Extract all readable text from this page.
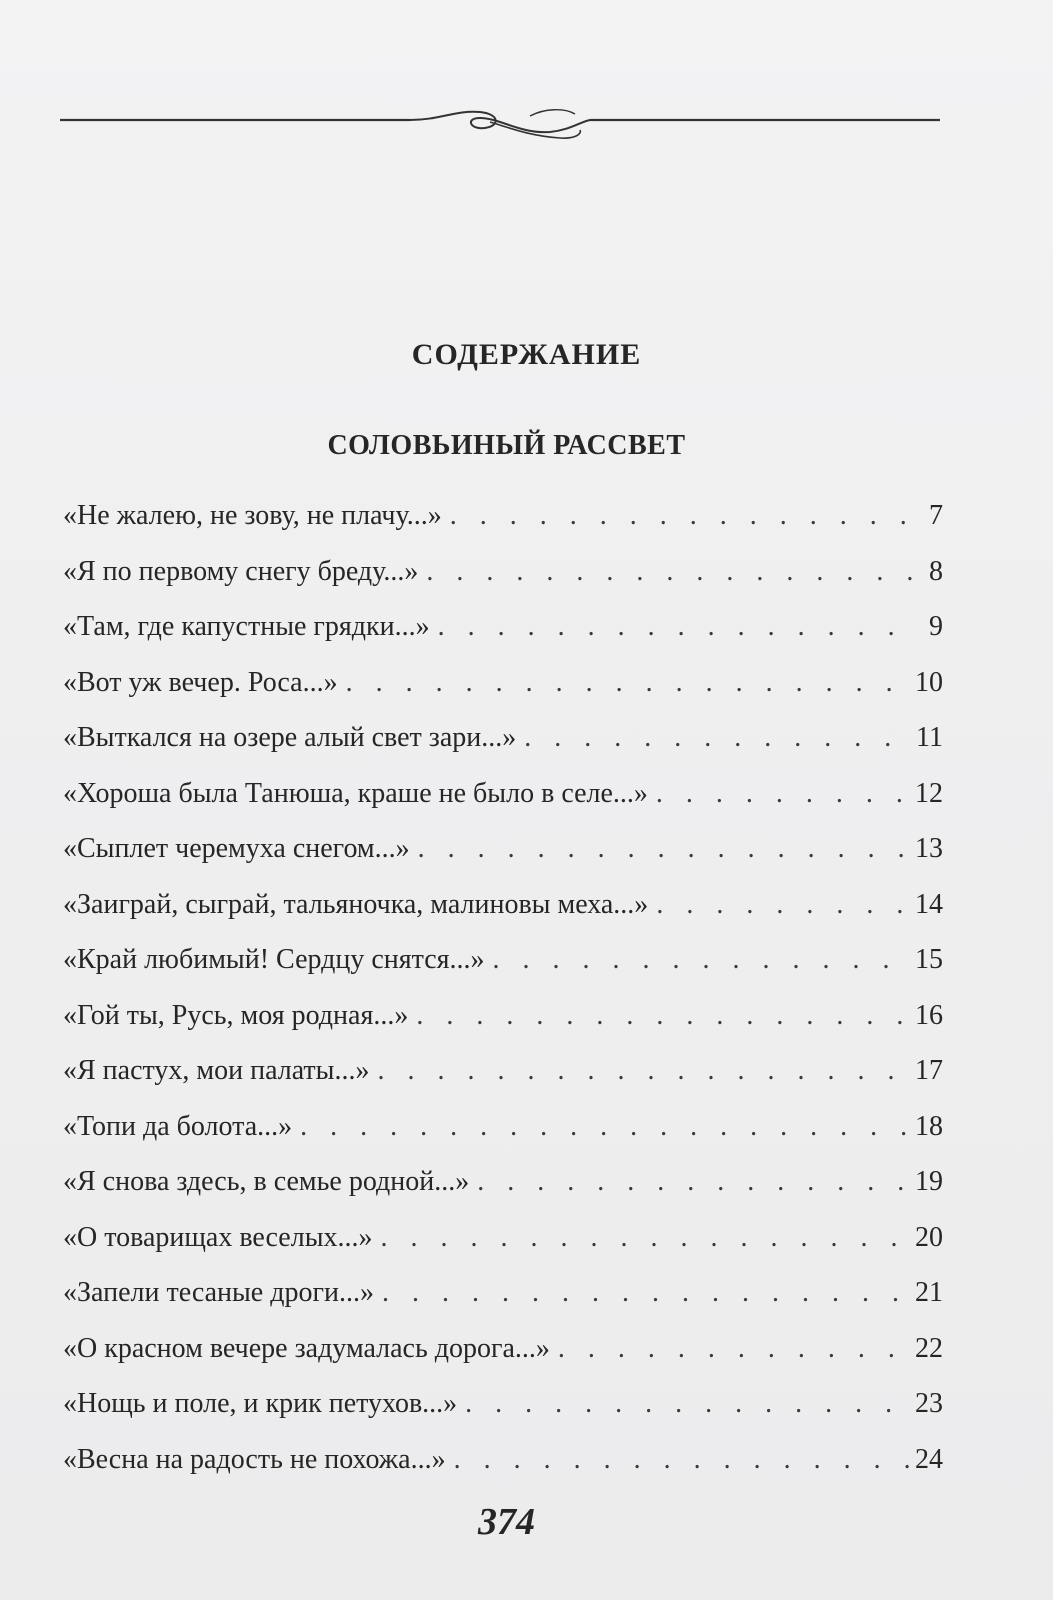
СОДЕРЖАНИЕ
СОЛОВЬИНЫЙ РАССВЕТ
«Не жалею, не зову, не плачу...» . . .	7
«Я по первому снегу бреду...» . . .	8
«Там, где капустные грядки...» . . .	9
«Вот уж вечер. Роса...» . . .	10
«Выткался на озере алый свет зари...» . . .	11
«Хороша была Танюша, краше не было в селе...» . . .	12
«Сыплет черемуха снегом...» . . .	13
«Заиграй, сыграй, тальяночка, малиновы меха...» . . .	14
«Край любимый! Сердцу снятся...» . . .	15
«Гой ты, Русь, моя родная...» . . .	16
«Я пастух, мои палаты...» . . .	17
«Топи да болота...» . . .	18
«Я снова здесь, в семье родной...» . . .	19
«О товарищах веселых...» . . .	20
«Запели тесаные дроги...» . . .	21
«О красном вечере задумалась дорога...» . . .	22
«Нощь и поле, и крик петухов...» . . .	23
«Весна на радость не похожа...» . . .	24
374
